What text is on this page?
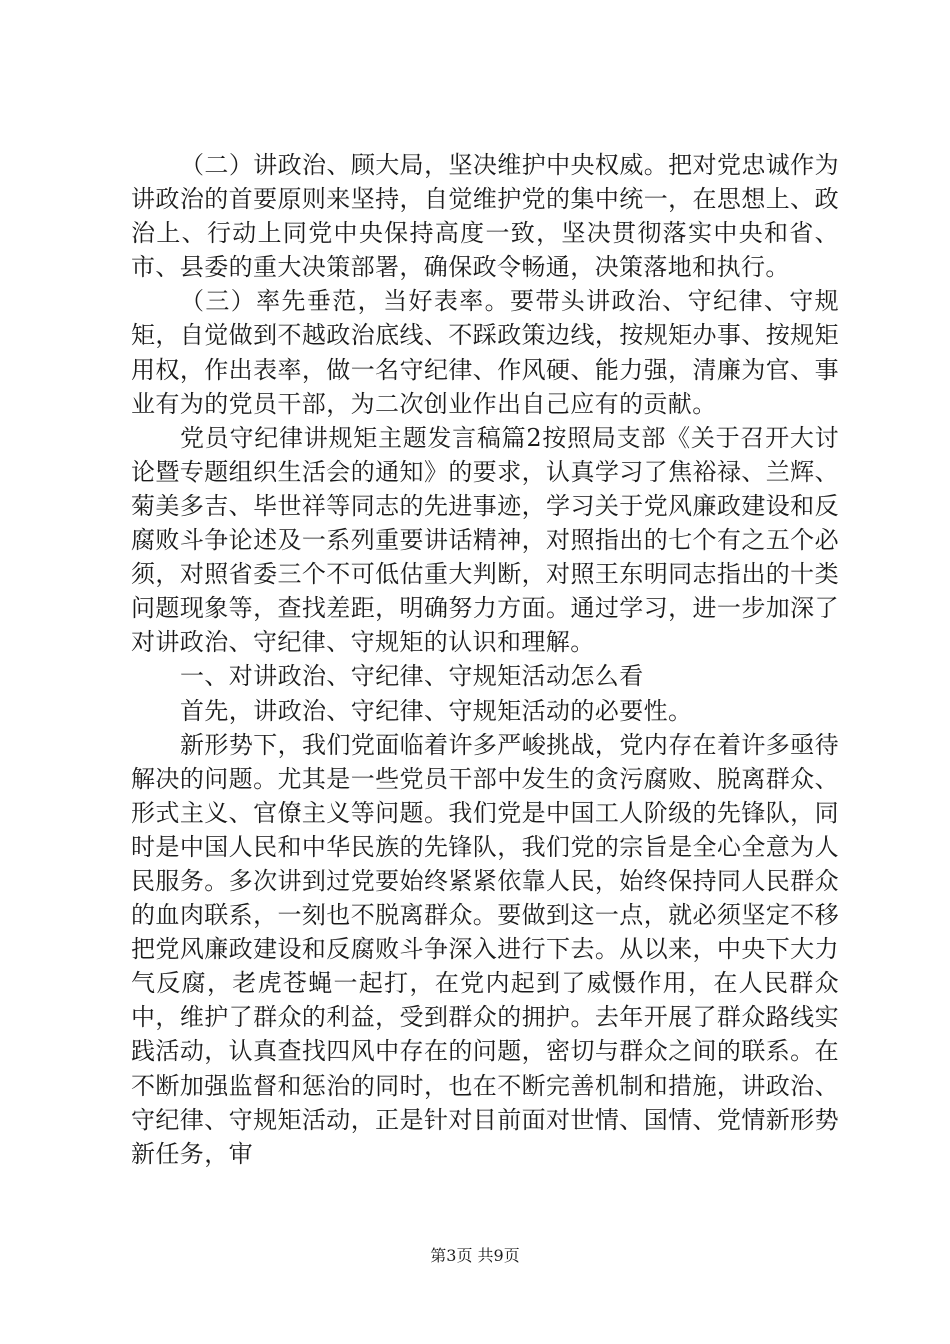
（二）讲政治、顾大局，坚决维护中央权威。把对党忠诚作为讲政治的首要原则来坚持，自觉维护党的集中统一，在思想上、政治上、行动上同党中央保持高度一致，坚决贯彻落实中央和省、市、县委的重大决策部署，确保政令畅通，决策落地和执行。

（三）率先垂范，当好表率。要带头讲政治、守纪律、守规矩，自觉做到不越政治底线、不踩政策边线，按规矩办事、按规矩用权，作出表率，做一名守纪律、作风硬、能力强，清廉为官、事业有为的党员干部，为二次创业作出自己应有的贡献。

党员守纪律讲规矩主题发言稿篇2按照局支部《关于召开大讨论暨专题组织生活会的通知》的要求，认真学习了焦裕禄、兰辉、菊美多吉、毕世祥等同志的先进事迹，学习关于党风廉政建设和反腐败斗争论述及一系列重要讲话精神，对照指出的七个有之五个必须，对照省委三个不可低估重大判断，对照王东明同志指出的十类问题现象等，查找差距，明确努力方面。通过学习，进一步加深了对讲政治、守纪律、守规矩的认识和理解。

一、对讲政治、守纪律、守规矩活动怎么看

首先，讲政治、守纪律、守规矩活动的必要性。

新形势下，我们党面临着许多严峻挑战，党内存在着许多亟待解决的问题。尤其是一些党员干部中发生的贪污腐败、脱离群众、形式主义、官僚主义等问题。我们党是中国工人阶级的先锋队，同时是中国人民和中华民族的先锋队，我们党的宗旨是全心全意为人民服务。多次讲到过党要始终紧紧依靠人民，始终保持同人民群众的血肉联系，一刻也不脱离群众。要做到这一点，就必须坚定不移把党风廉政建设和反腐败斗争深入进行下去。从以来，中央下大力气反腐，老虎苍蝇一起打，在党内起到了威慑作用，在人民群众中，维护了群众的利益，受到群众的拥护。去年开展了群众路线实践活动，认真查找四风中存在的问题，密切与群众之间的联系。在不断加强监督和惩治的同时，也在不断完善机制和措施，讲政治、守纪律、守规矩活动，正是针对目前面对世情、国情、党情新形势新任务，审

第3页 共9页
